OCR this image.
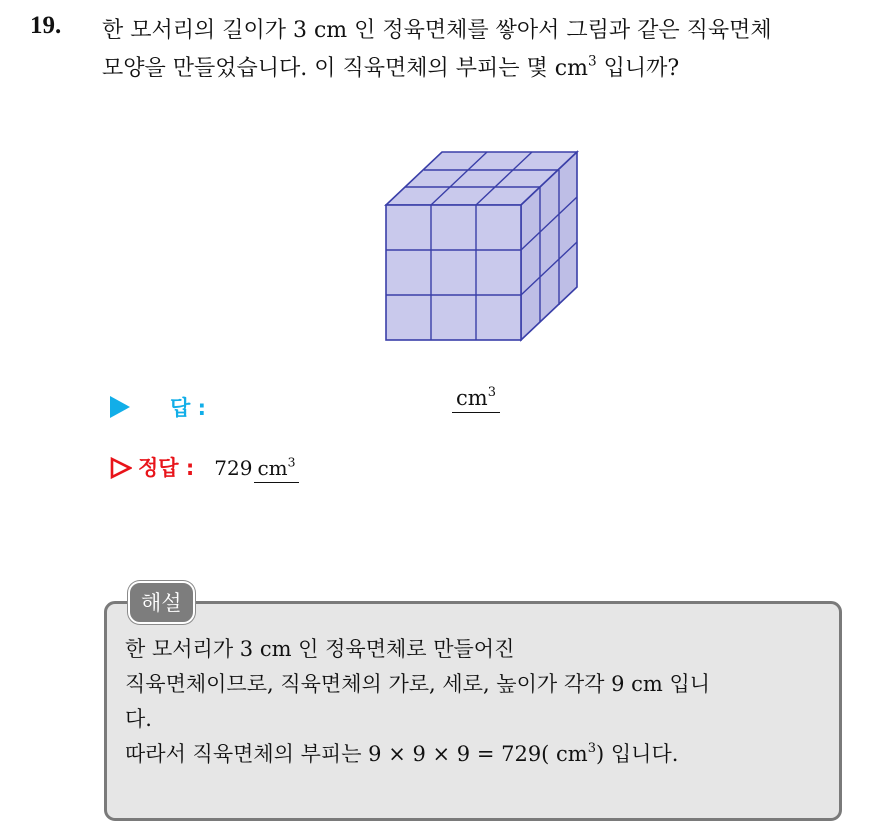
19. 한 모서리의 길이가 3 cm 인 정육면체를 쌓아서 그림과 같은 직육면체
모양을 만들었습니다. 이 직육면체의 부피는 몇 $cm^3$ 입니까?
답 :	$cm^3$
정답 : 729 $cm^3$
해설
한 모서리가 3 cm 인 정육면체로 만들어진
직육면체이므로, 직육면체의 가로, 세로, 높이가 각각 9 cm 입니
다.
따라서 직육면체의 부피는 9 × 9 × 9 = 729( $cm^3$) 입니다.
